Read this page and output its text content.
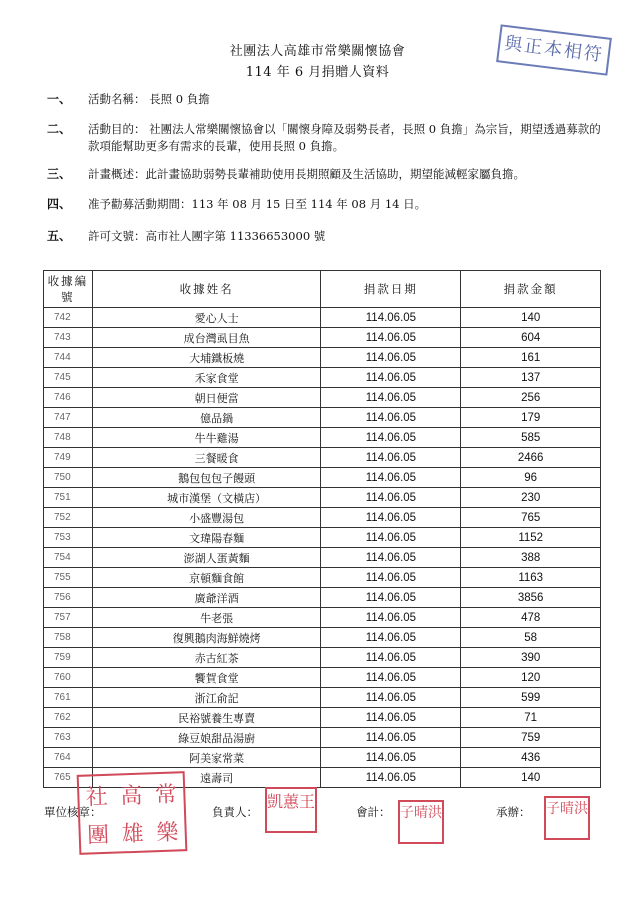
社團法人高雄市常樂關懷協會
114 年 6 月捐贈人資料
與正本相符
一、 活動名稱： 長照 0 負擔
二、 活動目的： 社團法人常樂關懷協會以「關懷身障及弱勢長者，長照 0 負擔」為宗旨，期望透過募款的款項能幫助更多有需求的長輩，使用長照 0 負擔。
三、 計畫概述：此計畫協助弱勢長輩補助使用長期照顧及生活協助，期望能減輕家屬負擔。
四、 准予勸募活動期間：113 年 08 月 15 日至 114 年 08 月 14 日。
五、 許可文號：高市社人團字第 11336653000 號
收據編號	收據姓名	捐款日期	捐款金額
742	愛心人士	114.06.05	140
743	成台灣虱目魚	114.06.05	604
744	大埔鐵板燒	114.06.05	161
745	禾家食堂	114.06.05	137
746	朝日便當	114.06.05	256
747	億品鍋	114.06.05	179
748	牛牛雞湯	114.06.05	585
749	三餐暖食	114.06.05	2466
750	鵝包包包子饅頭	114.06.05	96
751	城市漢堡（文橫店）	114.06.05	230
752	小盛豐湯包	114.06.05	765
753	文瑋陽春麵	114.06.05	1152
754	澎湖人蛋黃麵	114.06.05	388
755	京頓麵食館	114.06.05	1163
756	廣爺洋酒	114.06.05	3856
757	牛老張	114.06.05	478
758	復興鵝肉海鮮燒烤	114.06.05	58
759	赤古紅茶	114.06.05	390
760	饗賀食堂	114.06.05	120
761	浙江俞記	114.06.05	599
762	民裕號養生專賣	114.06.05	71
763	綠豆娘甜品湯廚	114.06.05	759
764	阿美家常菜	114.06.05	436
765	遠壽司	114.06.05	140
單位核章：	負責人：	會計：	承辦：
社 高 常
團 雄 樂
凱蕙王
子晴洪	子晴洪
